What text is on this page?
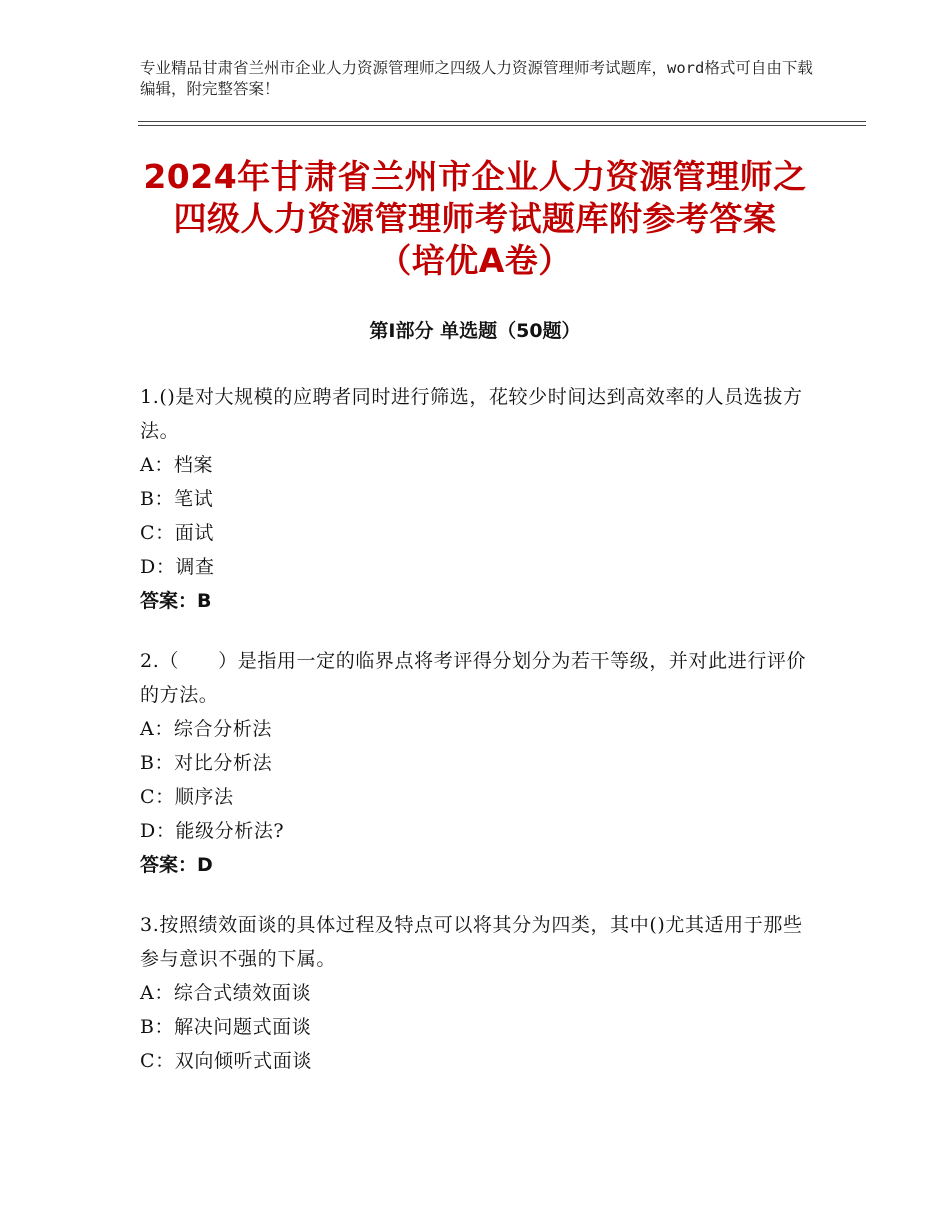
专业精品甘肃省兰州市企业人力资源管理师之四级人力资源管理师考试题库，word格式可自由下载编辑，附完整答案！
2024年甘肃省兰州市企业人力资源管理师之
四级人力资源管理师考试题库附参考答案
（培优A卷）
第Ⅰ部分 单选题（50题）
1.()是对大规模的应聘者同时进行筛选，花较少时间达到高效率的人员选拔方法。
A：档案
B：笔试
C：面试
D：调查
答案：B
2.（　　）是指用一定的临界点将考评得分划分为若干等级，并对此进行评价的方法。
A：综合分析法
B：对比分析法
C：顺序法
D：能级分析法?
答案：D
3.按照绩效面谈的具体过程及特点可以将其分为四类，其中()尤其适用于那些参与意识不强的下属。
A：综合式绩效面谈
B：解决问题式面谈
C：双向倾听式面谈
